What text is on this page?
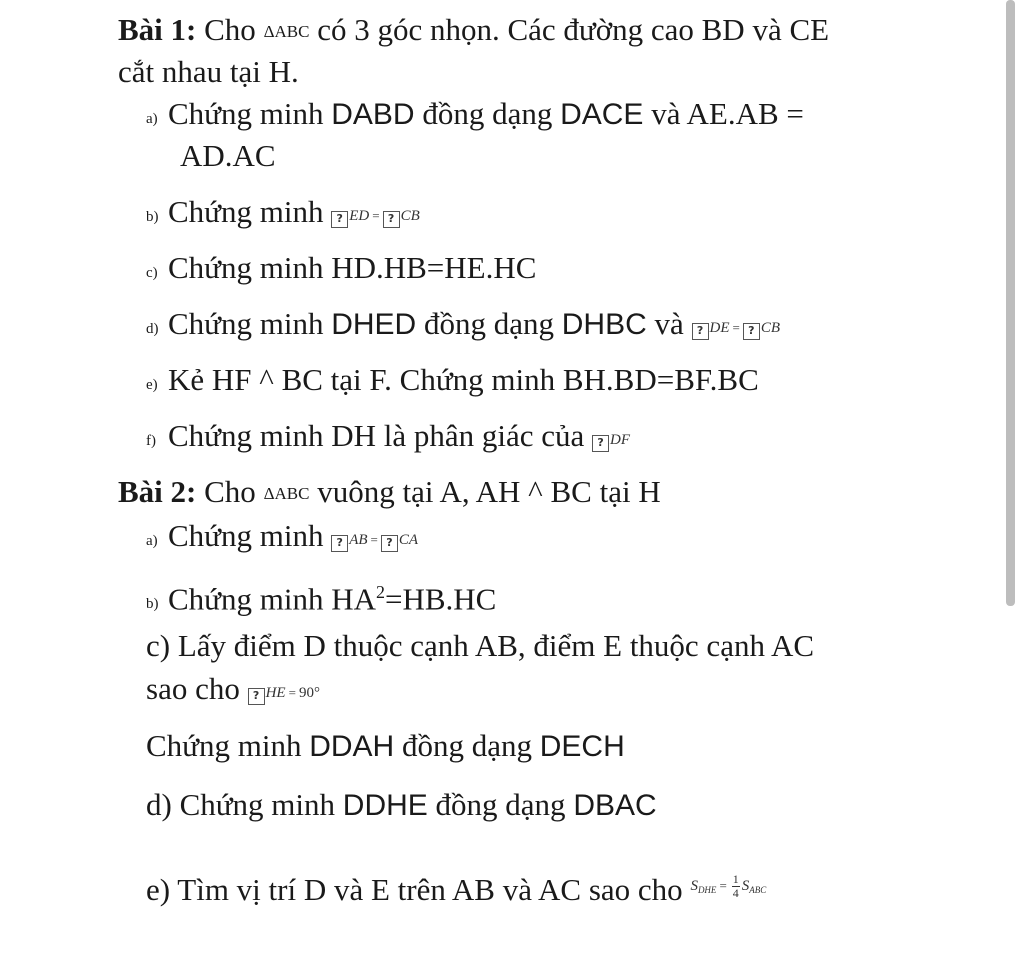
Bài 1: Cho ΔABC có 3 góc nhọn. Các đường cao BD và CE
cắt nhau tại H.
a) Chứng minh DABD đồng dạng DACE và AE.AB =
AD.AC
b) Chứng minh ? ED = ? CB
c) Chứng minh HD.HB=HE.HC
d) Chứng minh DHED đồng dạng DHBC và ? DE = ? CB
e) Kẻ HF ^ BC tại F. Chứng minh BH.BD=BF.BC
f) Chứng minh DH là phân giác của ? DF
Bài 2: Cho ΔABC vuông tại A, AH ^ BC tại H
a) Chứng minh ? AB = ? CA
b) Chứng minh $HA^2=HB.HC$
c) Lấy điểm D thuộc cạnh AB, điểm E thuộc cạnh AC
sao cho ? HE = 90°
Chứng minh DDAH đồng dạng DECH
d) Chứng minh DDHE đồng dạng DBAC
e) Tìm vị trí D và E trên AB và AC sao cho $^{S_{DHE} = \frac{1}{4} S_{ABC}}$
